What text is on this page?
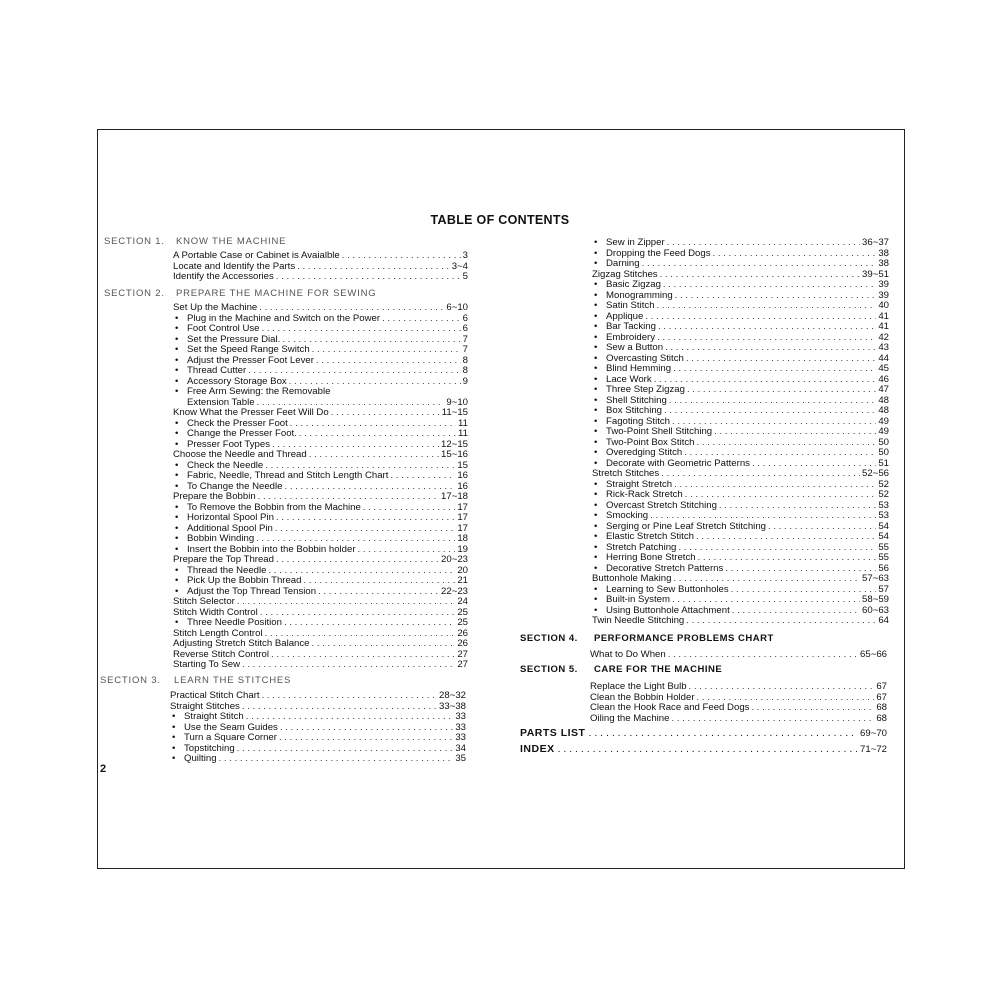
TABLE OF CONTENTS
SECTION 1. KNOW THE MACHINE
A Portable Case or Cabinet is Avaialble . . .	3
Locate and Identify the Parts . . .	3~4
Identify the Accessories . . .	5
SECTION 2. PREPARE THE MACHINE FOR SEWING
Set Up the Machine . . .	6~10
• Plug in the Machine and Switch on the Power . . .	6
• Foot Control Use . . .	6
• Set the Pressure Dial. . . .	7
• Set the Speed Range Switch . . .	7
• Adjust the Presser Foot Lever . . .	8
• Thread Cutter . . .	8
• Accessory Storage Box . . .	9
• Free Arm Sewing: the Removable
Extension Table . . .	9~10
Know What the Presser Feet Will Do . . .	11~15
• Check the Presser Foot . . .	11
• Change the Presser Foot. . . .	11
• Presser Foot Types . . .	12~15
Choose the Needle and Thread . . .	15~16
• Check the Needle . . .	15
• Fabric, Needle, Thread and Stitch Length Chart . . .	16
• To Change the Needle . . .	16
Prepare the Bobbin . . .	17~18
• To Remove the Bobbin from the Machine . . .	17
• Horizontal Spool Pin . . .	17
• Additional Spool Pin . . .	17
• Bobbin Winding . . .	18
• Insert the Bobbin into the Bobbin holder . . .	19
Prepare the Top Thread . . .	20~23
• Thread the Needle . . .	20
• Pick Up the Bobbin Thread . . .	21
• Adjust the Top Thread Tension . . .	22~23
Stitch Selector . . .	24
Stitch Width Control . . .	25
• Three Needle Position . . .	25
Stitch Length Control . . .	26
Adjusting Stretch Stitch Balance . . .	26
Reverse Stitch Control . . .	27
Starting To Sew . . .	27
SECTION 3. LEARN THE STITCHES
Practical Stitch Chart . . .	28~32
Straight Stitches . . .	33~38
• Straight Stitch . . .	33
• Use the Seam Guides . . .	33
• Turn a Square Corner . . .	33
• Topstitching . . .	34
• Quilting . . .	35
2
• Sew in Zipper . . .	36~37
• Dropping the Feed Dogs . . .	38
• Darning . . .	38
Zigzag Stitches . . .	39~51
• Basic Zigzag . . .	39
• Monogramming . . .	39
• Satin Stitch . . .	40
• Applique . . .	41
• Bar Tacking . . .	41
• Embroidery . . .	42
• Sew a Button . . .	43
• Overcasting Stitch . . .	44
• Blind Hemming . . .	45
• Lace Work . . .	46
• Three Step Zigzag . . .	47
• Shell Stitching . . .	48
• Box Stitching . . .	48
• Fagoting Stitch . . .	49
• Two-Point Shell Stitching . . .	49
• Two-Point Box Stitch . . .	50
• Overedging Stitch . . .	50
• Decorate with Geometric Patterns . . .	51
Stretch Stitches . . .	52~56
• Straight Stretch . . .	52
• Rick-Rack Stretch . . .	52
• Overcast Stretch Stitching . . .	53
• Smocking . . .	53
• Serging or Pine Leaf Stretch Stitching . . .	54
• Elastic Stretch Stitch . . .	54
• Stretch Patching . . .	55
• Herring Bone Stretch . . .	55
• Decorative Stretch Patterns . . .	56
Buttonhole Making . . .	57~63
• Learning to Sew Buttonholes . . .	57
• Built-in System . . .	58~59
• Using Buttonhole Attachment . . .	60~63
Twin Needle Stitching . . .	64
SECTION 4. PERFORMANCE PROBLEMS CHART
What to Do When . . .	65~66
SECTION 5. CARE FOR THE MACHINE
Replace the Light Bulb . . .	67
Clean the Bobbin Holder . . .	67
Clean the Hook Race and Feed Dogs . . .	68
Oiling the Machine . . .	68
PARTS LIST . . .	69~70
INDEX . . .	71~72
